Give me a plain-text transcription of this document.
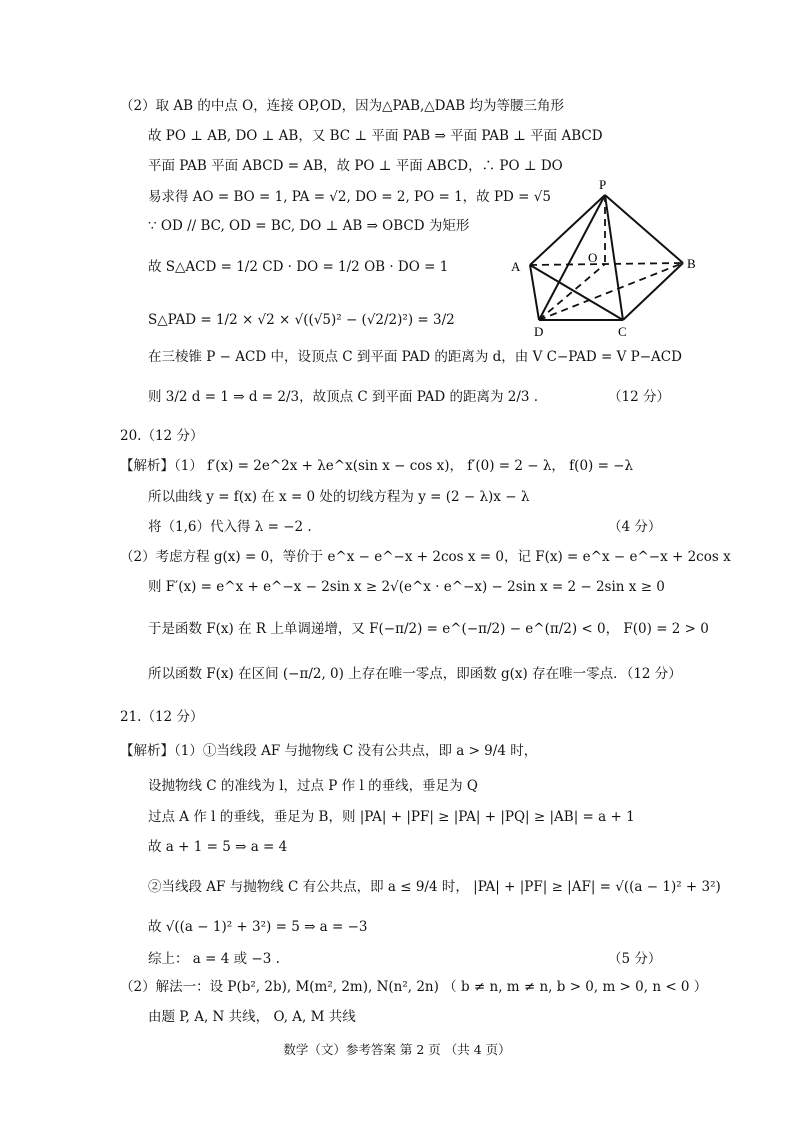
（2）取 AB 的中点 O，连接 OP,OD，因为△PAB,△DAB 均为等腰三角形
故 PO ⊥ AB, DO ⊥ AB，又 BC ⊥ 平面 PAB ⇒ 平面 PAB ⊥ 平面 ABCD
平面 PAB 平面 ABCD = AB，故 PO ⊥ 平面 ABCD，∴ PO ⊥ DO
易求得 AO = BO = 1, PA = √2, DO = 2, PO = 1，故 PD = √5
∵ OD // BC, OD = BC, DO ⊥ AB ⇒ OBCD 为矩形
故 S△ACD = 1/2 CD · DO = 1/2 OB · DO = 1
S△PAD = 1/2 × √2 × √((√5)² − (√2/2)²) = 3/2
在三棱锥 P − ACD 中，设顶点 C 到平面 PAD 的距离为 d，由 V C−PAD = V P−ACD
则 3/2 d = 1 ⇒ d = 2/3，故顶点 C 到平面 PAD 的距离为 2/3 .	（12 分）
20.（12 分）
【解析】（1） f′(x) = 2e^2x + λe^x(sin x − cos x)， f′(0) = 2 − λ， f(0) = −λ
所以曲线 y = f(x) 在 x = 0 处的切线方程为 y = (2 − λ)x − λ
将（1,6）代入得 λ = −2 .	（4 分）
（2）考虑方程 g(x) = 0，等价于 e^x − e^−x + 2cos x = 0，记 F(x) = e^x − e^−x + 2cos x
则 F′(x) = e^x + e^−x − 2sin x ≥ 2√(e^x · e^−x) − 2sin x = 2 − 2sin x ≥ 0
于是函数 F(x) 在 R 上单调递增，又 F(−π/2) = e^(−π/2) − e^(π/2) < 0， F(0) = 2 > 0
所以函数 F(x) 在区间 (−π/2, 0) 上存在唯一零点，即函数 g(x) 存在唯一零点．（12 分）
21.（12 分）
【解析】（1）①当线段 AF 与抛物线 C 没有公共点，即 a > 9/4 时，
设抛物线 C 的准线为 l，过点 P 作 l 的垂线，垂足为 Q
过点 A 作 l 的垂线，垂足为 B，则 |PA| + |PF| ≥ |PA| + |PQ| ≥ |AB| = a + 1
故 a + 1 = 5 ⇒ a = 4
②当线段 AF 与抛物线 C 有公共点，即 a ≤ 9/4 时， |PA| + |PF| ≥ |AF| = √((a − 1)² + 3²)
故 √((a − 1)² + 3²) = 5 ⇒ a = −3
综上： a = 4 或 −3 .	（5 分）
（2）解法一：设 P(b², 2b), M(m², 2m), N(n², 2n) （ b ≠ n, m ≠ n, b > 0, m > 0, n < 0 ）
由题 P, A, N 共线， O, A, M 共线
P
A
O	B
D	C
数学（文）参考答案 第 2 页 （共 4 页）
